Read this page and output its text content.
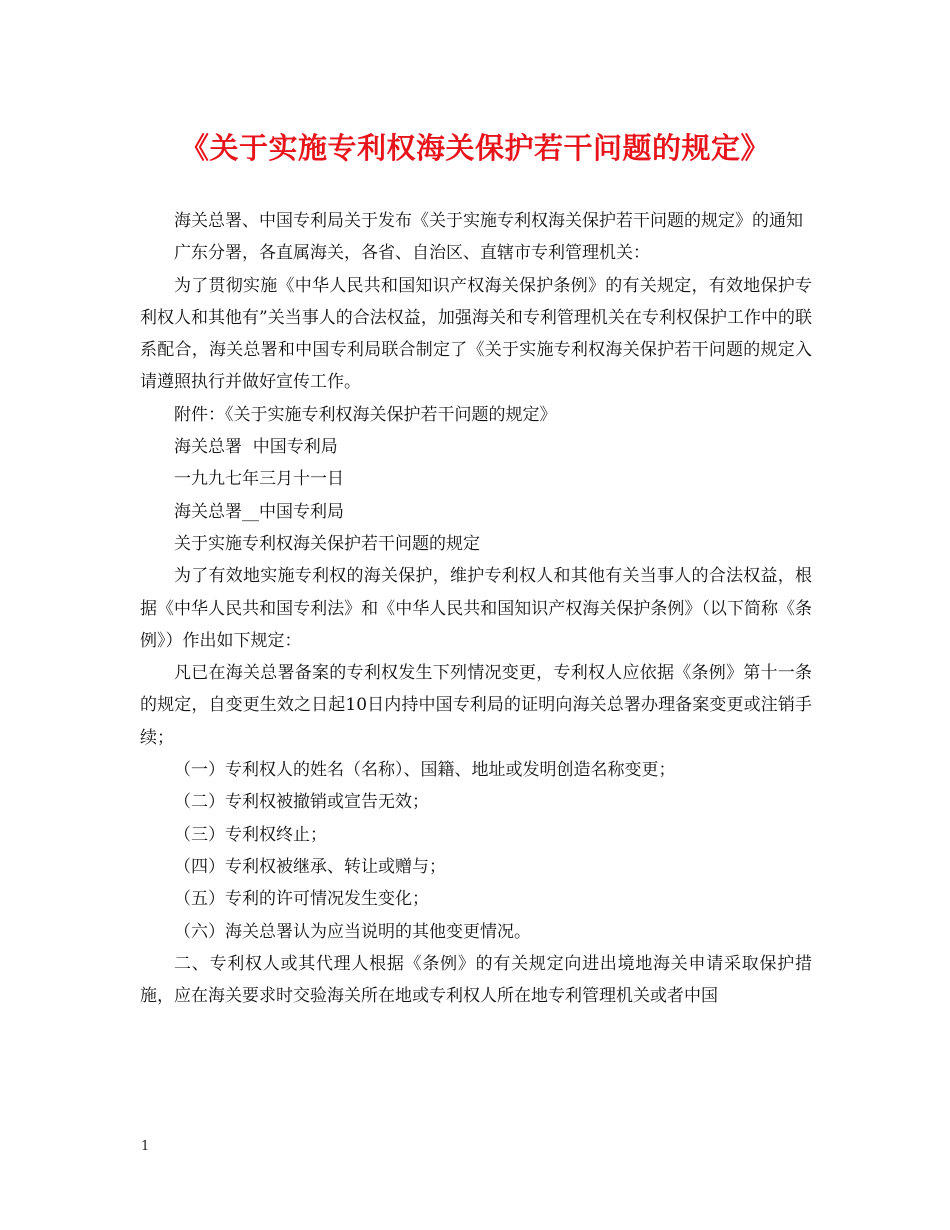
《关于实施专利权海关保护若干问题的规定》

海关总署、中国专利局关于发布《关于实施专利权海关保护若干问题的规定》的通知

广东分署，各直属海关，各省、自治区、直辖市专利管理机关：

为了贯彻实施《中华人民共和国知识产权海关保护条例》的有关规定，有效地保护专利权人和其他有”关当事人的合法权益，加强海关和专利管理机关在专利权保护工作中的联系配合，海关总署和中国专利局联合制定了《关于实施专利权海关保护若干问题的规定入请遵照执行并做好宣传工作。

附件：《关于实施专利权海关保护若干问题的规定》

海关总署  中国专利局

一九九七年三月十一日

海关总署__中国专利局

关于实施专利权海关保护若干问题的规定

为了有效地实施专利权的海关保护，维护专利权人和其他有关当事人的合法权益，根据《中华人民共和国专利法》和《中华人民共和国知识产权海关保护条例》（以下简称《条例》）作出如下规定：

凡已在海关总署备案的专利权发生下列情况变更，专利权人应依据《条例》第十一条的规定，自变更生效之日起10日内持中国专利局的证明向海关总署办理备案变更或注销手续；

（一）专利权人的姓名（名称）、国籍、地址或发明创造名称变更；

（二）专利权被撤销或宣告无效；

（三）专利权终止；

（四）专利权被继承、转让或赠与；

（五）专利的许可情况发生变化；

（六）海关总署认为应当说明的其他变更情况。

二、专利权人或其代理人根据《条例》的有关规定向进出境地海关申请采取保护措施，应在海关要求时交验海关所在地或专利权人所在地专利管理机关或者中国

1
